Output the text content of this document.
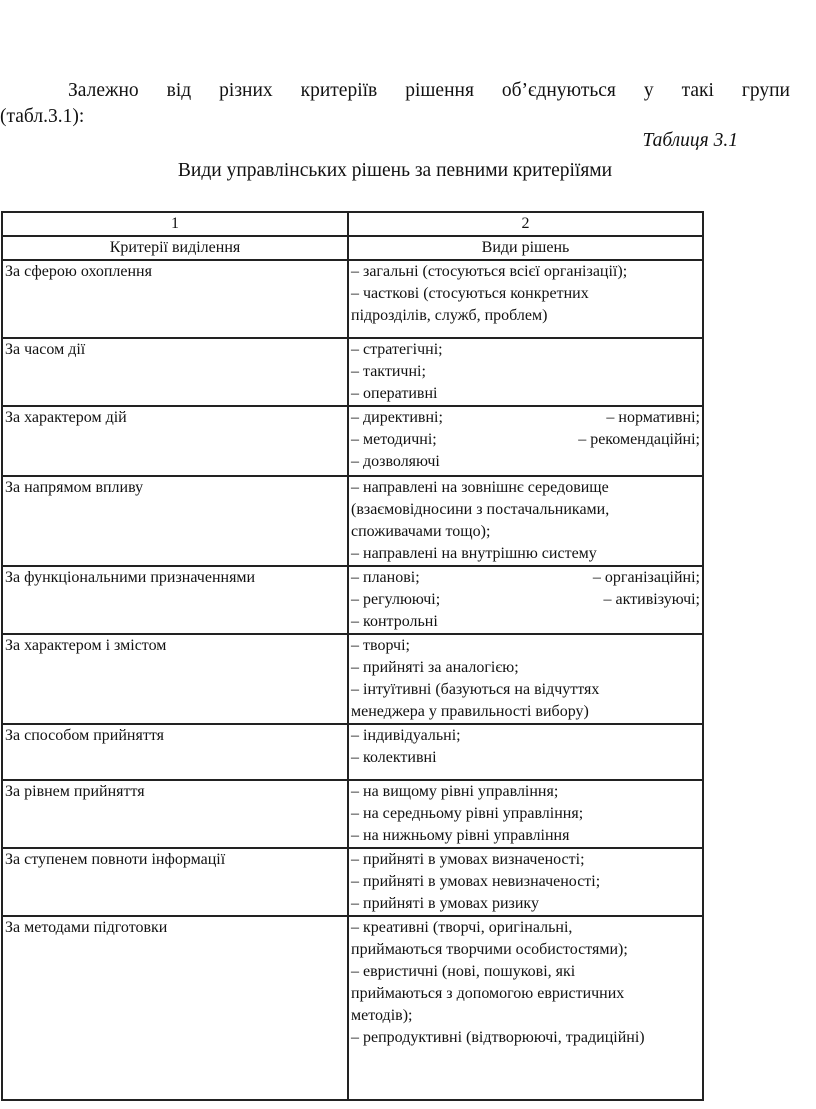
Залежно від різних критеріїв рішення об’єднуються у такі групи
(табл.3.1):
Таблиця 3.1
Види управлінських рішень за певними критеріїями
1	2
Критерії виділення	Види рішень
За сферою охоплення	– загальні (стосуються всієї організації);
– часткові (стосуються конкретних
підрозділів, служб, проблем)

За часом дії	– стратегічні;
– тактичні;
– оперативні

За характером дій	– директивні; – нормативні;
– методичні; – рекомендаційні;
– дозволяючі

За напрямом впливу	– направлені на зовнішнє середовище
(взаємовідносини з постачальниками,
споживачами тощо);
– направлені на внутрішню систему

За функціональними призначеннями	– планові; – організаційні;
– регулюючі; – активізуючі;
– контрольні

За характером і змістом	– творчі;
– прийняті за аналогією;
– інтуїтивні (базуються на відчуттях
менеджера у правильності вибору)

За способом прийняття	– індивідуальні;
– колективні

За рівнем прийняття	– на вищому рівні управління;
– на середньому рівні управління;
– на нижньому рівні управління

За ступенем повноти інформації	– прийняті в умовах визначеності;
– прийняті в умовах невизначеності;
– прийняті в умовах ризику

За методами підготовки	– креативні (творчі, оригінальні,
приймаються творчими особистостями);
– евристичні (нові, пошукові, які
приймаються з допомогою евристичних
методів);
– репродуктивні (відтворюючі, традиційні)
